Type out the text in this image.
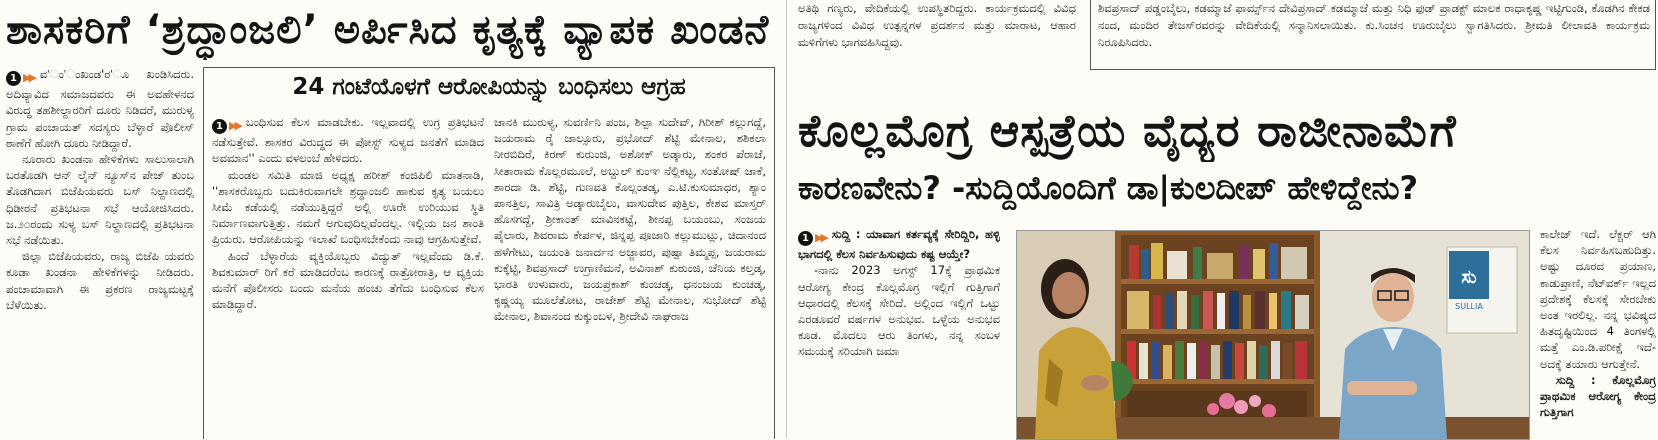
ಶಾಸಕರಿಗೆ ‘ಶ್ರದ್ಧಾಂಜಲಿ’ ಅರ್ಪಿಸಿದ ಕೃತ್ಯಕ್ಕೆ ವ್ಯಾಪಕ ಖಂಡನೆ

1 ▶▶ ವ'ಂ'ಂಖಂಡ'ರ'ೂ ಖಂಡಿಸಿದರು. ಅದಿವ್ಯಾವಿದ ಸಮಾಜದವರು ಈ ಅವಹೇಳನದ ವಿರುದ್ಧ ತಹಶೀಲ್ದಾರರಿಗೆ ದೂರು ನಿಡಿದರೆ, ಮುರುಳ್ಯ ಗ್ರಾಮ ಪಂಚಾಯತ್ ಸದಸ್ಯರು ಬೆಳ್ಳಾರೆ ಪೊಲೀಸ್ ಠಾಣೆಗೆ ಹೋಗಿ ದೂರು ನೀಡಿದ್ದಾರೆ.

ನೂರಾರು ಖಂಡನಾ ಹೇಳಿಕೆಗಳು ಸಾಲುಸಾಲಾಗಿ ಬರತೊಡಗಿ ಆನ್ ಲೈನ್ ನ್ಯೂಸ್‌ನ ಪೇಜ್ ತುಂಬ ತೊಡಗಿದಾಗ ಬಿಜೆಪಿಯವರು ಬಸ್ ನಿಲ್ದಾಣದಲ್ಲಿ ಧಿಡೀರನೆ ಪ್ರತಿಭಟನಾ ಸಭೆ ಆಯೋಜಿಸಿದರು. ಜ.೨೦ರಂದು ಸುಳ್ಯ ಬಸ್ ನಿಲ್ದಾಣದಲ್ಲಿ ಪ್ರತಿಭಟನಾ ಸಭೆ ನಡೆಯಿತು.

ಜಿಲ್ಲಾ ಬಿಜೆಪಿಯವರು, ರಾಜ್ಯ ಬಿಜೆಪಿ ಯವರು ಕೂಡಾ ಖಂಡನಾ ಹೇಳಿಕೆಗಳನ್ನು ನೀಡಿದರು. ಪಂಚಾಮಾವಾಗಿ ಈ ಪ್ರಕರಣ ರಾಜ್ಯಮಟ್ಟಕ್ಕೆ ಬೆಳೆಯಿತು.

24 ಗಂಟೆಯೊಳಗೆ ಆರೋಪಿಯನ್ನು ಬಂಧಿಸಲು ಆಗ್ರಹ

1 ▶▶ ಬಂಧಿಸುವ ಕೆಲಸ ಮಾಡಬೇಕು. ಇಲ್ಲವಾದಲ್ಲಿ ಉಗ್ರ ಪ್ರತಿಭಟನೆ ನಡೆಸುತ್ತೇವೆ. ಶಾಸಕರ ವಿರುದ್ಧದ ಈ ಪೋಸ್ಟ್ ಸುಳ್ಯದ ಜನತೆಗೆ ಮಾಡಿದ ಅವಮಾನ'' ಎಂದು ವಳಲಂಬೆ ಹೇಳಿದರು.

ಮಂಡಲ ಸಮಿತಿ ಮಾಜಿ ಅಧ್ಯಕ್ಷ ಹರೀಶ್ ಕಂಜಿಪಿಲಿ ಮಾತನಾಡಿ, ''ಶಾಸಕರೊಬ್ಬರು ಬದುಕಿರುವಾಗಲೇ ಶ್ರದ್ಧಾಂಜಲಿ ಹಾಕುವ ಕೃತ್ಯ ಬಯಲು ಸೀಮೆ ಕಡೆಯಲ್ಲಿ ನಡೆಯುತ್ತಿದ್ದರೆ ಅಲ್ಲಿ ಊರೇ ಉರಿಯುವ ಸ್ಥಿತಿ ನಿರ್ಮಾಣವಾಗುತ್ತಿತ್ತು. ನಮಗೆ ಅಗುವುದಿಲ್ಲವೆಂದಲ್ಲ. ಇಲ್ಲಿಯ ಜನ ಶಾಂತಿ ಪ್ರಿಯರು. ಆರೋಪಿಯನ್ನು ಇಲಾಖೆ ಬಂಧಿಸಬೇಕೆಂದು ನಾವು ಆಗ್ರಹಿಸುತ್ತೇವೆ.

ಹಿಂದೆ ಬೆಳ್ಳಾರೆಯ ವ್ಯಕ್ತಿಯೊಬ್ಬರು ವಿದ್ಯುತ್ ಇಲ್ಲವೆಂದು ಡಿ.ಕೆ. ಶಿವಕುಮಾರ್ ರಿಗೆ ಕರೆ ಮಾಡಿದರೆಂಬ ಕಾರಣಕ್ಕೆ ರಾತ್ರೋರಾತ್ರಿ, ಆ ವ್ಯಕ್ತಿಯ ಮನೆಗೆ ಪೊಲೀಸರು ಬಂದು ಮನೆಯ ಹಂಚು ತೆಗೆದು ಬಂಧಿಸುವ ಕೆಲಸ ಮಾಡಿದ್ದಾರೆ.

ಜಾನಕಿ ಮುರುಳ್ಯ, ಸುವರ್ಣಿನಿ ಪಂಜ, ಶಿಲ್ಪಾ ಸುದೇವ್, ಗಿರೀಶ್ ಕಲ್ಲುಗದ್ದೆ, ಜಯರಾಮ ರೈ ಜಾಲ್ಸೂರು, ಪ್ರಭೋದ್ ಶೆಟ್ಟಿ ಮೇನಾಲ, ಶಶಿಕಲಾ ನೀರಬಿದಿರೆ, ಕಿರಣ್ ಕುರುಂಜಿ, ಅಶೋಕ್ ಅಡ್ಕಾರು, ಶಂಕರ ಪೆರಾಜೆ, ಸೀತಾರಾಮ ಕೊಲ್ಲರಮೂಲೆ, ಅಬ್ದುಲ್ ಕುಂಞ ನೆಲ್ಲಿಕಟ್ಟ, ಸಂತೋಷ್ ಜಾಕೆ, ಶಾರದಾ ಡಿ. ಶೆಟ್ಟಿ, ಗುಣವತಿ ಕೊಲ್ಲಂತಡ್ಕ, ಎ.ಟಿ.ಕುಸುಮಾಧರ, ಶ್ಯಾಂ ಪಾನತ್ತಿಲ, ಸಾವಿತ್ರಿ ಅಡ್ಕಾರುಬೈಲು, ವಾಸುದೇವ ಪುತ್ತಿಲ, ಕೇಶವ ಮಾಸ್ತರ್ ಹೊಸಗದ್ದೆ, ಶ್ರೀಕಾಂತ್ ಮಾವಿನಕಟ್ಟೆ, ಶೀನಪ್ಪ ಬಯಂಬು, ಸಂಜಯ ಪೈಲಾರು, ಶಿವರಾಮ ಕೇರ್ಪಳ, ಜಿನ್ನಪ್ಪ ಪೂಜಾರಿ ಕಲ್ಲುಮುಟ್ಲು, ಚಿದಾನಂದ ಹಳೆಗೇಟು, ಜಯಂತಿ ಜನಾರ್ದನ ಅಜ್ಜಾವರ, ಪುಷ್ಪಾ ತಿಮ್ಮಪ್ಪ, ಜಯರಾಮ ಕುಕ್ಕೆಟ್ಟಿ, ಶಿವಪ್ರಸಾದ್ ಉಗ್ರಾಣಿಮನೆ, ಅವಿನಾಶ್ ಕುರುಂಜಿ, ಚೆನಿಯ ಕಲ್ತಡ್ಕ, ಭಾರತಿ ಉಳುವಾರು, ಜಯಪ್ರಕಾಶ್ ಕುಂಚಡ್ಕ, ಧನಂಜಯ ಕುಂಚಡ್ಕ, ಕೃಷ್ಣಯ್ಯ ಮೂಲೆತೋಟ, ರಾಜೇಶ್ ಶೆಟ್ಟಿ ಮೇನಾಲ, ಸುಭೋದ್ ಶೆಟ್ಟಿ ಮೇನಾಲ, ಶಿವಾನಂದ ಕುಕ್ಕುಂಬಳ, ಶ್ರೀದೇವಿ ನಾಘರಾಜ
ಅತಿಥಿ ಗಣ್ಯರು, ವೇದಿಕೆಯಲ್ಲಿ ಉಪಸ್ಥಿತರಿದ್ದರು. ಕಾರ್ಯಕ್ರಮದಲ್ಲಿ ವಿವಿಧ ರಾಜ್ಯಗಳಿಂದ ವಿವಿಧ ಉತ್ಪನ್ನಗಳ ಪ್ರದರ್ಶನ ಮತ್ತು ಮಾರಾಟ, ಆಹಾರ ಮಳಿಗೆಗಳು ಭಾಗವಹಿಸಿದ್ದವು.
ಶಿವಪ್ರಸಾದ್ ಪಡ್ಡಂಬೈಲು, ಕಡಮ್ಮಾಜೆ ಫಾರ್ಮ್ಸ್‌ನ ದೇವಿಪ್ರಸಾದ್ ಕಡಮ್ಮಾಜೆ ಮತ್ತು ನಿಧಿ ಫುಡ್ ಪ್ರಾಡಕ್ಟ್ ಮಾಲಕ ರಾಧಾಕೃಷ್ಣ ಇಟ್ಟಿಗುಂಡಿ, ಕೊಡಗಿನ ಕೇಕಡ ನಂದ, ಮಂದಿರ ತೇಜಸ್‌ರವರನ್ನು ವೇದಿಕೆಯಲ್ಲಿ ಸನ್ಮಾನಿಸಲಾಯಿತು. ಕು.ಸಿಂಚನ ಊರುಬೈಲು ಸ್ವಾಗತಿಸಿದರು. ಶ್ರೀಮತಿ ಲೀಲಾವತಿ ಕಾರ್ಯಕ್ರಮ ನಿರೂಪಿಸಿದರು.
ಕೊಲ್ಲಮೊಗ್ರ ಆಸ್ಪತ್ರೆಯ ವೈದ್ಯರ ರಾಜೀನಾಮೆಗೆ
ಕಾರಣವೇನು? -ಸುದ್ದಿಯೊಂದಿಗೆ ಡಾ|ಕುಲದೀಪ್ ಹೇಳಿದ್ದೇನು?

1 ▶▶ ಸುದ್ದಿ : ಯಾವಾಗ ಕರ್ತವ್ಯಕ್ಕೆ ಸೇರಿದ್ದಿರಿ, ಹಳ್ಳಿ ಭಾಗದಲ್ಲಿ ಕೆಲಸ ನಿರ್ವಹಿಸುವುದು ಕಷ್ಟ ಆಯ್ತೇ?

-ನಾನು 2023 ಅಗಸ್ಟ್ 17ಕ್ಕೆ ಪ್ರಾಥಮಿಕ ಆರೋಗ್ಯ ಕೇಂದ್ರ ಕೊಲ್ಲಮೊಗ್ರ ಇಲ್ಲಿಗೆ ಗುತ್ತಿಗಾಗೆ ಆಧಾರದಲ್ಲಿ ಕೆಲಸಕ್ಕೆ ಸೇರಿದೆ. ಅಲ್ಲಿಂದ ಇಲ್ಲಿಗೆ ಒಟ್ಟು ಎರಡೂವರೆ ವರ್ಷಗಳ ಅನುಭವ. ಒಳ್ಳೆಯ ಅನುಭವ ಕೂಡ. ಮೊದಲು ಆರು ತಿಂಗಳು, ನನ್ನ ಸಂಬಳ ಸಮಯಕ್ಕೆ ಸರಿಯಾಗಿ ಜಮಾ

ಸು
SULLIA

ಕಾಲೇಜ್ ಇದೆ. ಲೆಕ್ಚರ್ ಆಗಿ ಕೆಲಸ ನಿರ್ವಹಿಸಬಹುದಿತ್ತು. ಅಷ್ಟು ದೂರದ ಪ್ರಯಾಣ, ಕಾಡುಪ್ರಾಣಿ, ನೆಟ್‌ವರ್ಕ್ ಇಲ್ಲದ ಪ್ರದೇಶಕ್ಕೆ ಕೆಲಸಕ್ಕೆ ಸೇರಬೇಕು ಅಂತ ಇರಲಿಲ್ಲ. ನನ್ನ ಭವಿಷ್ಯದ ಹಿತದೃಷ್ಟಿಯಿಂದ 4 ತಿಂಗಳಲ್ಲಿ ಮತ್ತೆ ಎಂ.ಡಿ.ಪರೀಕ್ಷೆ ಇದೆ-ಅದಕ್ಕೆ ತಯಾರು ಆಗುತ್ತೇನೆ.

ಸುದ್ದಿ : ಕೊಲ್ಲಮೊಗ್ರ ಪ್ರಾಥಮಿಕ ಆರೋಗ್ಯ ಕೇಂದ್ರ ಗುತ್ತಿಗಾಗ
